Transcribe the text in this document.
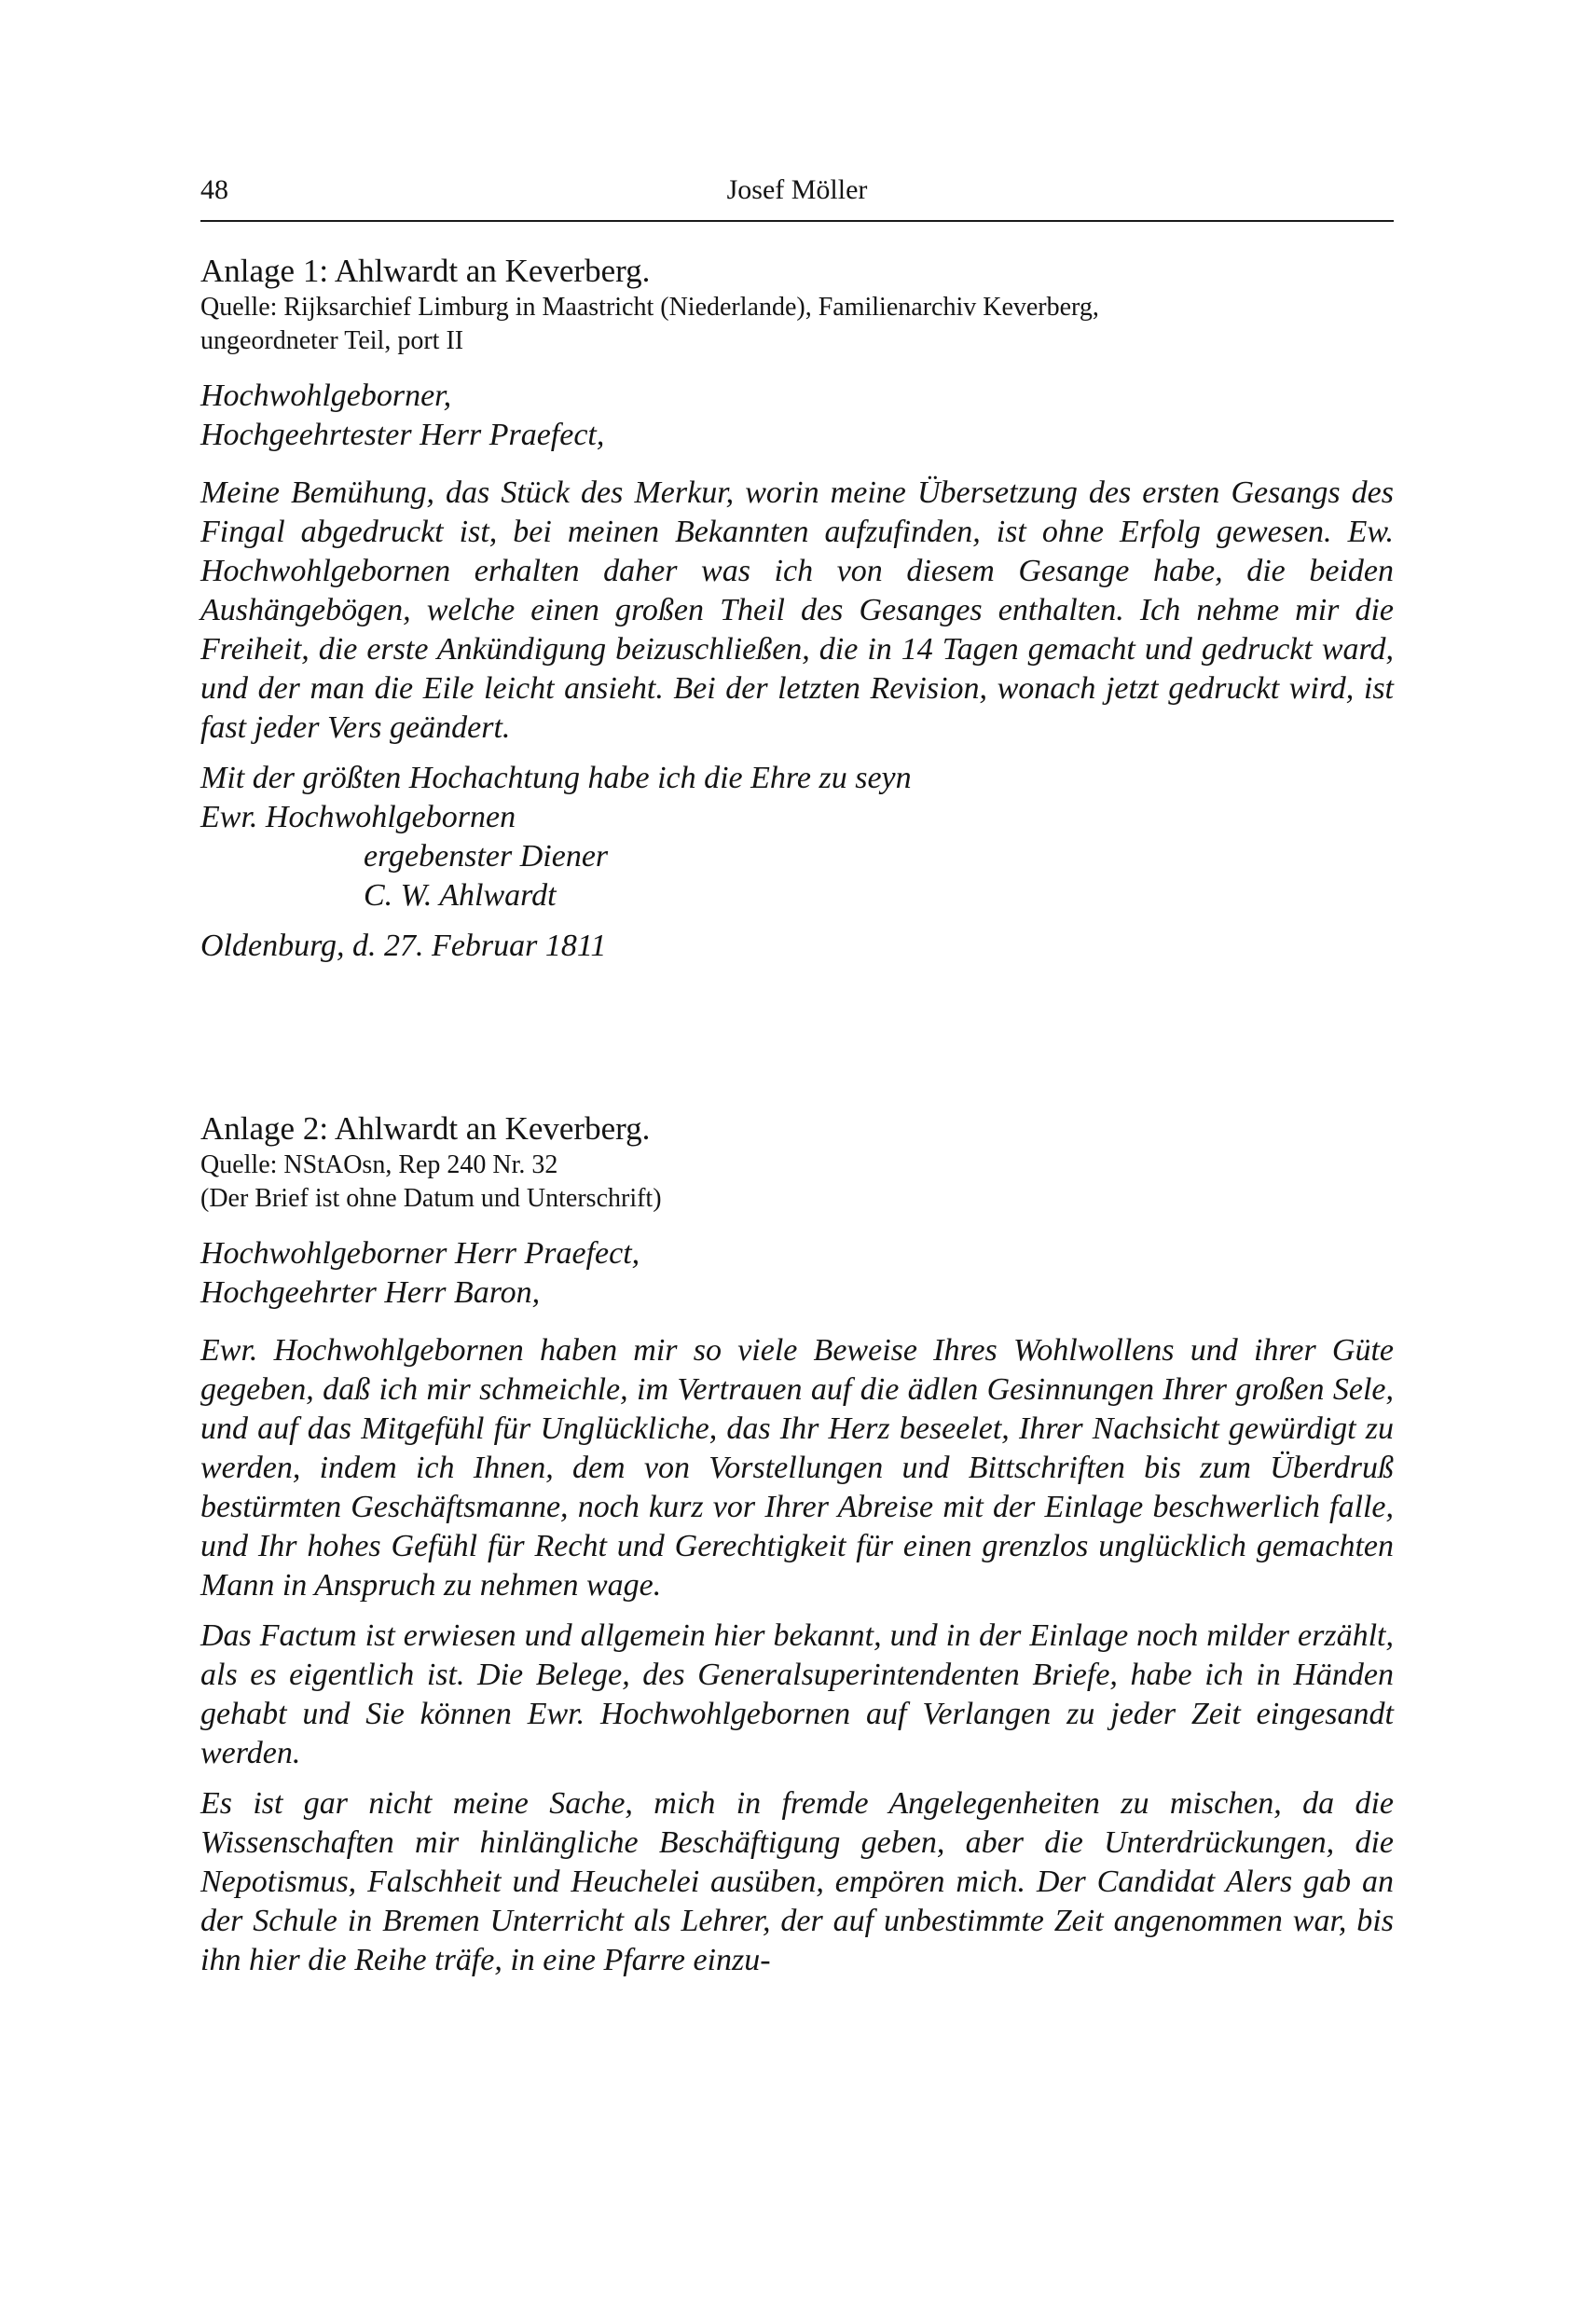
48	Josef Möller

Anlage 1: Ahlwardt an Keverberg.

Quelle: Rijksarchief Limburg in Maastricht (Niederlande), Familienarchiv Keverberg,

ungeordneter Teil, port II

Hochwohlgeborner,

Hochgeehrtester Herr Praefect,

Meine Bemühung, das Stück des Merkur, worin meine Übersetzung des ersten Gesangs des Fingal abgedruckt ist, bei meinen Bekannten aufzufinden, ist ohne Erfolg gewesen. Ew. Hochwohlgebornen erhalten daher was ich von diesem Gesange habe, die beiden Aushängebögen, welche einen großen Theil des Gesanges enthalten. Ich nehme mir die Freiheit, die erste Ankündigung beizuschließen, die in 14 Tagen gemacht und gedruckt ward, und der man die Eile leicht ansieht. Bei der letzten Revision, wonach jetzt gedruckt wird, ist fast jeder Vers geändert.

Mit der größten Hochachtung habe ich die Ehre zu seyn

Ewr. Hochwohlgebornen

ergebenster Diener

C. W. Ahlwardt

Oldenburg, d. 27. Februar 1811

Anlage 2: Ahlwardt an Keverberg.

Quelle: NStAOsn, Rep 240 Nr. 32

(Der Brief ist ohne Datum und Unterschrift)

Hochwohlgeborner Herr Praefect,

Hochgeehrter Herr Baron,

Ewr. Hochwohlgebornen haben mir so viele Beweise Ihres Wohlwollens und ihrer Güte gegeben, daß ich mir schmeichle, im Vertrauen auf die ädlen Gesinnungen Ihrer großen Sele, und auf das Mitgefühl für Unglückliche, das Ihr Herz beseelet, Ihrer Nachsicht gewürdigt zu werden, indem ich Ihnen, dem von Vorstellungen und Bittschriften bis zum Überdruß bestürmten Geschäftsmanne, noch kurz vor Ihrer Abreise mit der Einlage beschwerlich falle, und Ihr hohes Gefühl für Recht und Gerechtigkeit für einen grenzlos unglücklich gemachten Mann in Anspruch zu nehmen wage.

Das Factum ist erwiesen und allgemein hier bekannt, und in der Einlage noch milder erzählt, als es eigentlich ist. Die Belege, des Generalsuperintendenten Briefe, habe ich in Händen gehabt und Sie können Ewr. Hochwohlgebornen auf Verlangen zu jeder Zeit eingesandt werden.

Es ist gar nicht meine Sache, mich in fremde Angelegenheiten zu mischen, da die Wissenschaften mir hinlängliche Beschäftigung geben, aber die Unterdrückungen, die Nepotismus, Falschheit und Heuchelei ausüben, empören mich. Der Candidat Alers gab an der Schule in Bremen Unterricht als Lehrer, der auf unbestimmte Zeit angenommen war, bis ihn hier die Reihe träfe, in eine Pfarre einzu-
